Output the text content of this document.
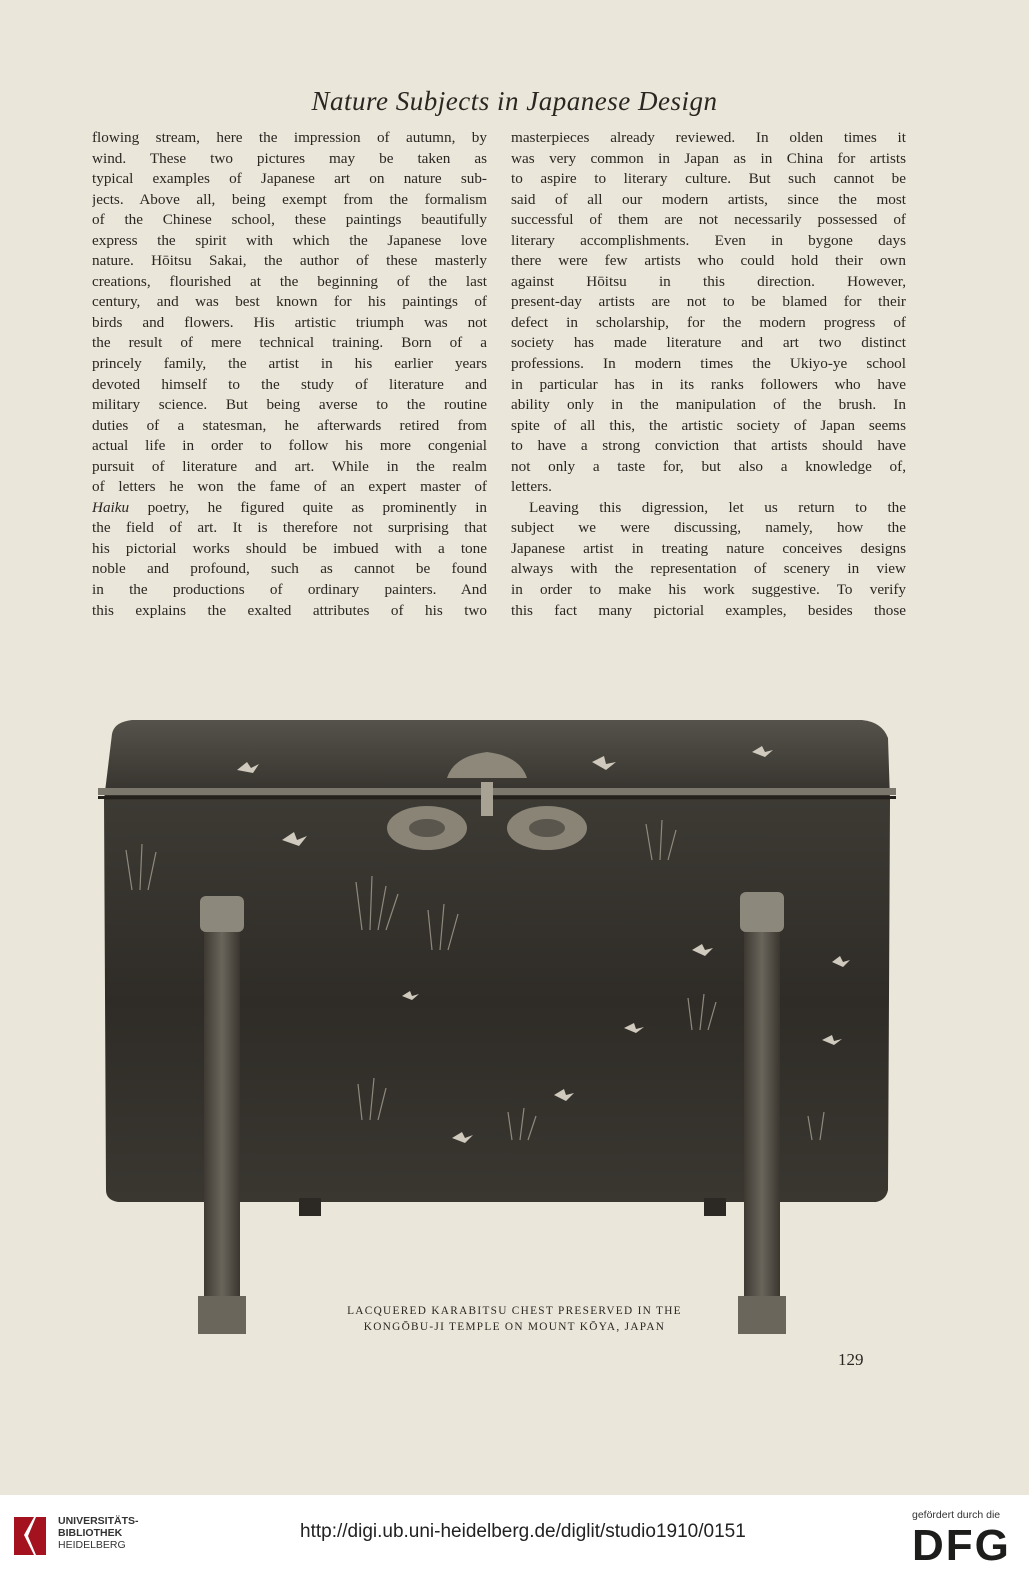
Nature Subjects in Japanese Design
flowing stream, here the impression of autumn, by
wind. These two pictures may be taken as
typical examples of Japanese art on nature sub-
jects. Above all, being exempt from the formalism
of the Chinese school, these paintings beautifully
express the spirit with which the Japanese love
nature. Hōitsu Sakai, the author of these masterly
creations, flourished at the beginning of the last
century, and was best known for his paintings of
birds and flowers. His artistic triumph was not
the result of mere technical training. Born of a
princely family, the artist in his earlier years
devoted himself to the study of literature and
military science. But being averse to the routine
duties of a statesman, he afterwards retired from
actual life in order to follow his more congenial
pursuit of literature and art. While in the realm
of letters he won the fame of an expert master of
Haiku poetry, he figured quite as prominently in
the field of art. It is therefore not surprising that
his pictorial works should be imbued with a tone
noble and profound, such as cannot be found
in the productions of ordinary painters. And
this explains the exalted attributes of his two
masterpieces already reviewed. In olden times it
was very common in Japan as in China for artists
to aspire to literary culture. But such cannot be
said of all our modern artists, since the most
successful of them are not necessarily possessed of
literary accomplishments. Even in bygone days
there were few artists who could hold their own
against Hōitsu in this direction. However,
present-day artists are not to be blamed for their
defect in scholarship, for the modern progress of
society has made literature and art two distinct
professions. In modern times the Ukiyo-ye school
in particular has in its ranks followers who have
ability only in the manipulation of the brush. In
spite of all this, the artistic society of Japan seems
to have a strong conviction that artists should have
not only a taste for, but also a knowledge of,
letters.
Leaving this digression, let us return to the
subject we were discussing, namely, how the
Japanese artist in treating nature conceives designs
always with the representation of scenery in view
in order to make his work suggestive. To verify
this fact many pictorial examples, besides those
LACQUERED KARABITSU CHEST PRESERVED IN THE
KONGŌBU-JI TEMPLE ON MOUNT KŌYA, JAPAN
129
UNIVERSITÄTS-
BIBLIOTHEK
HEIDELBERG
http://digi.ub.uni-heidelberg.de/diglit/studio1910/0151
gefördert durch die
DFG
